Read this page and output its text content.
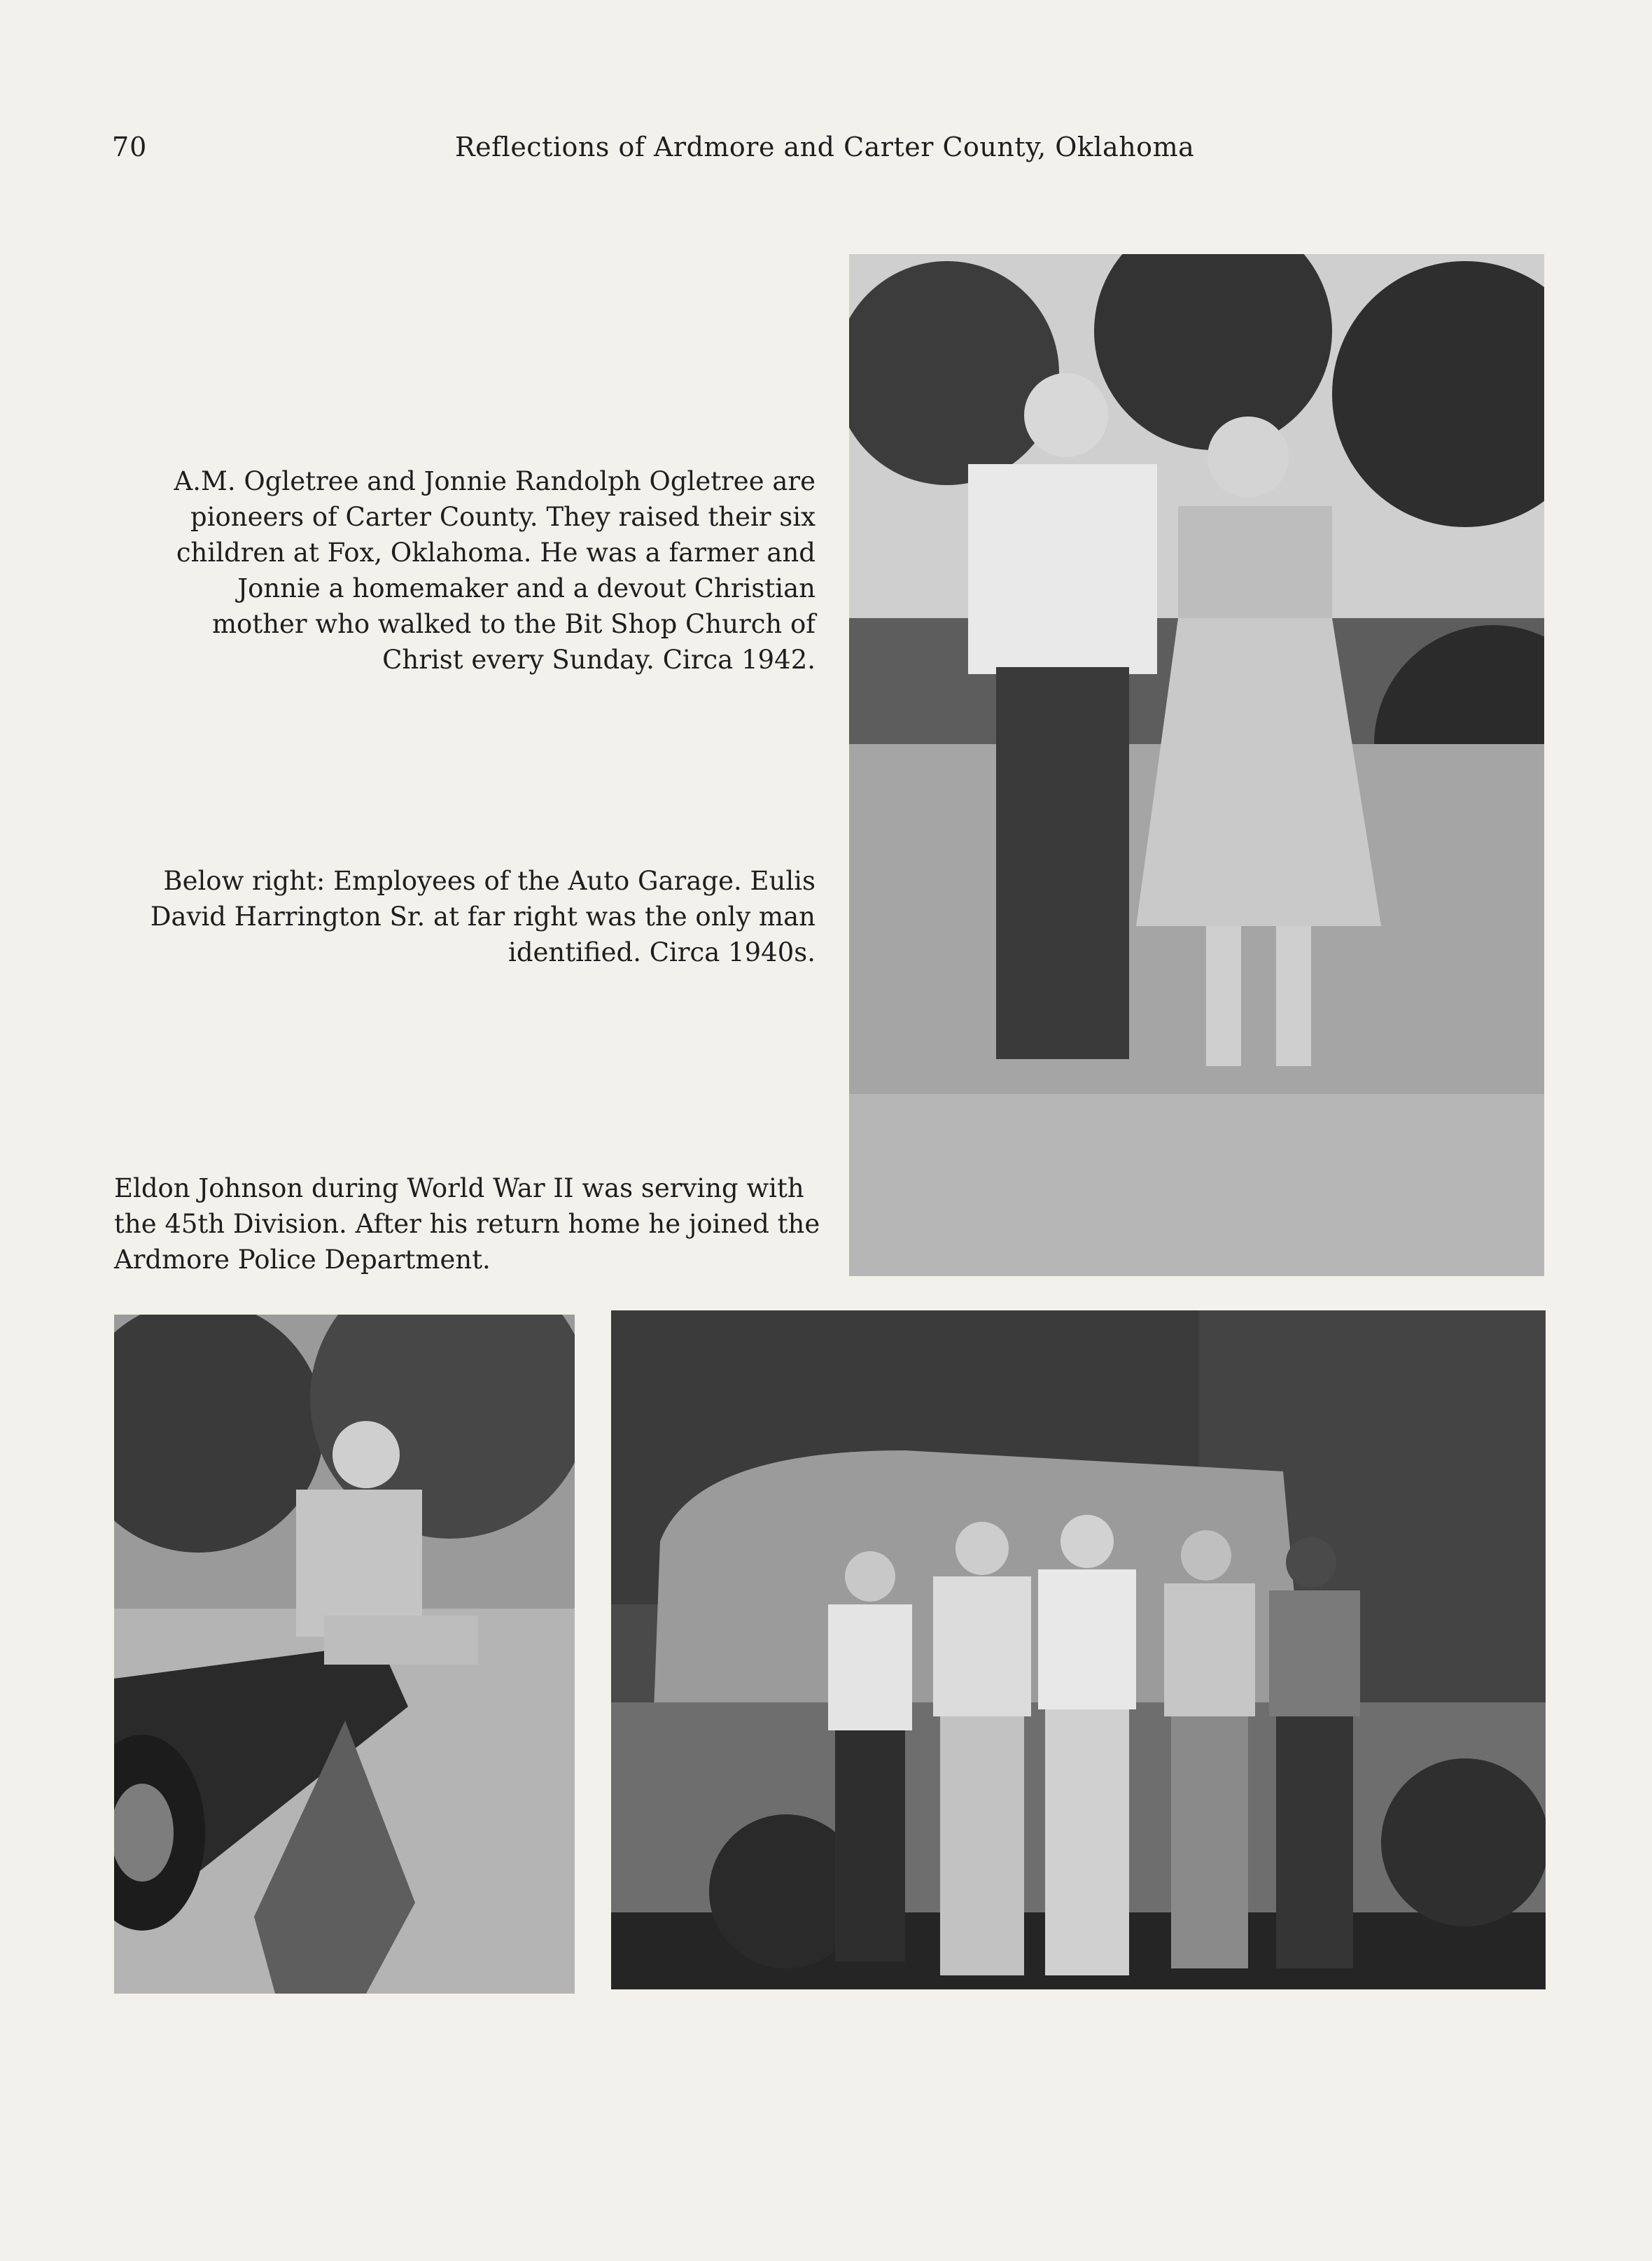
70	Reflections of Ardmore and Carter County, Oklahoma

A.M. Ogletree and Jonnie Randolph Ogletree are
pioneers of Carter County. They raised their six
children at Fox, Oklahoma. He was a farmer and
Jonnie a homemaker and a devout Christian
mother who walked to the Bit Shop Church of
Christ every Sunday. Circa 1942.

Below right: Employees of the Auto Garage. Eulis
David Harrington Sr. at far right was the only man
identified. Circa 1940s.

Eldon Johnson during World War II was serving with
the 45th Division. After his return home he joined the
Ardmore Police Department.
